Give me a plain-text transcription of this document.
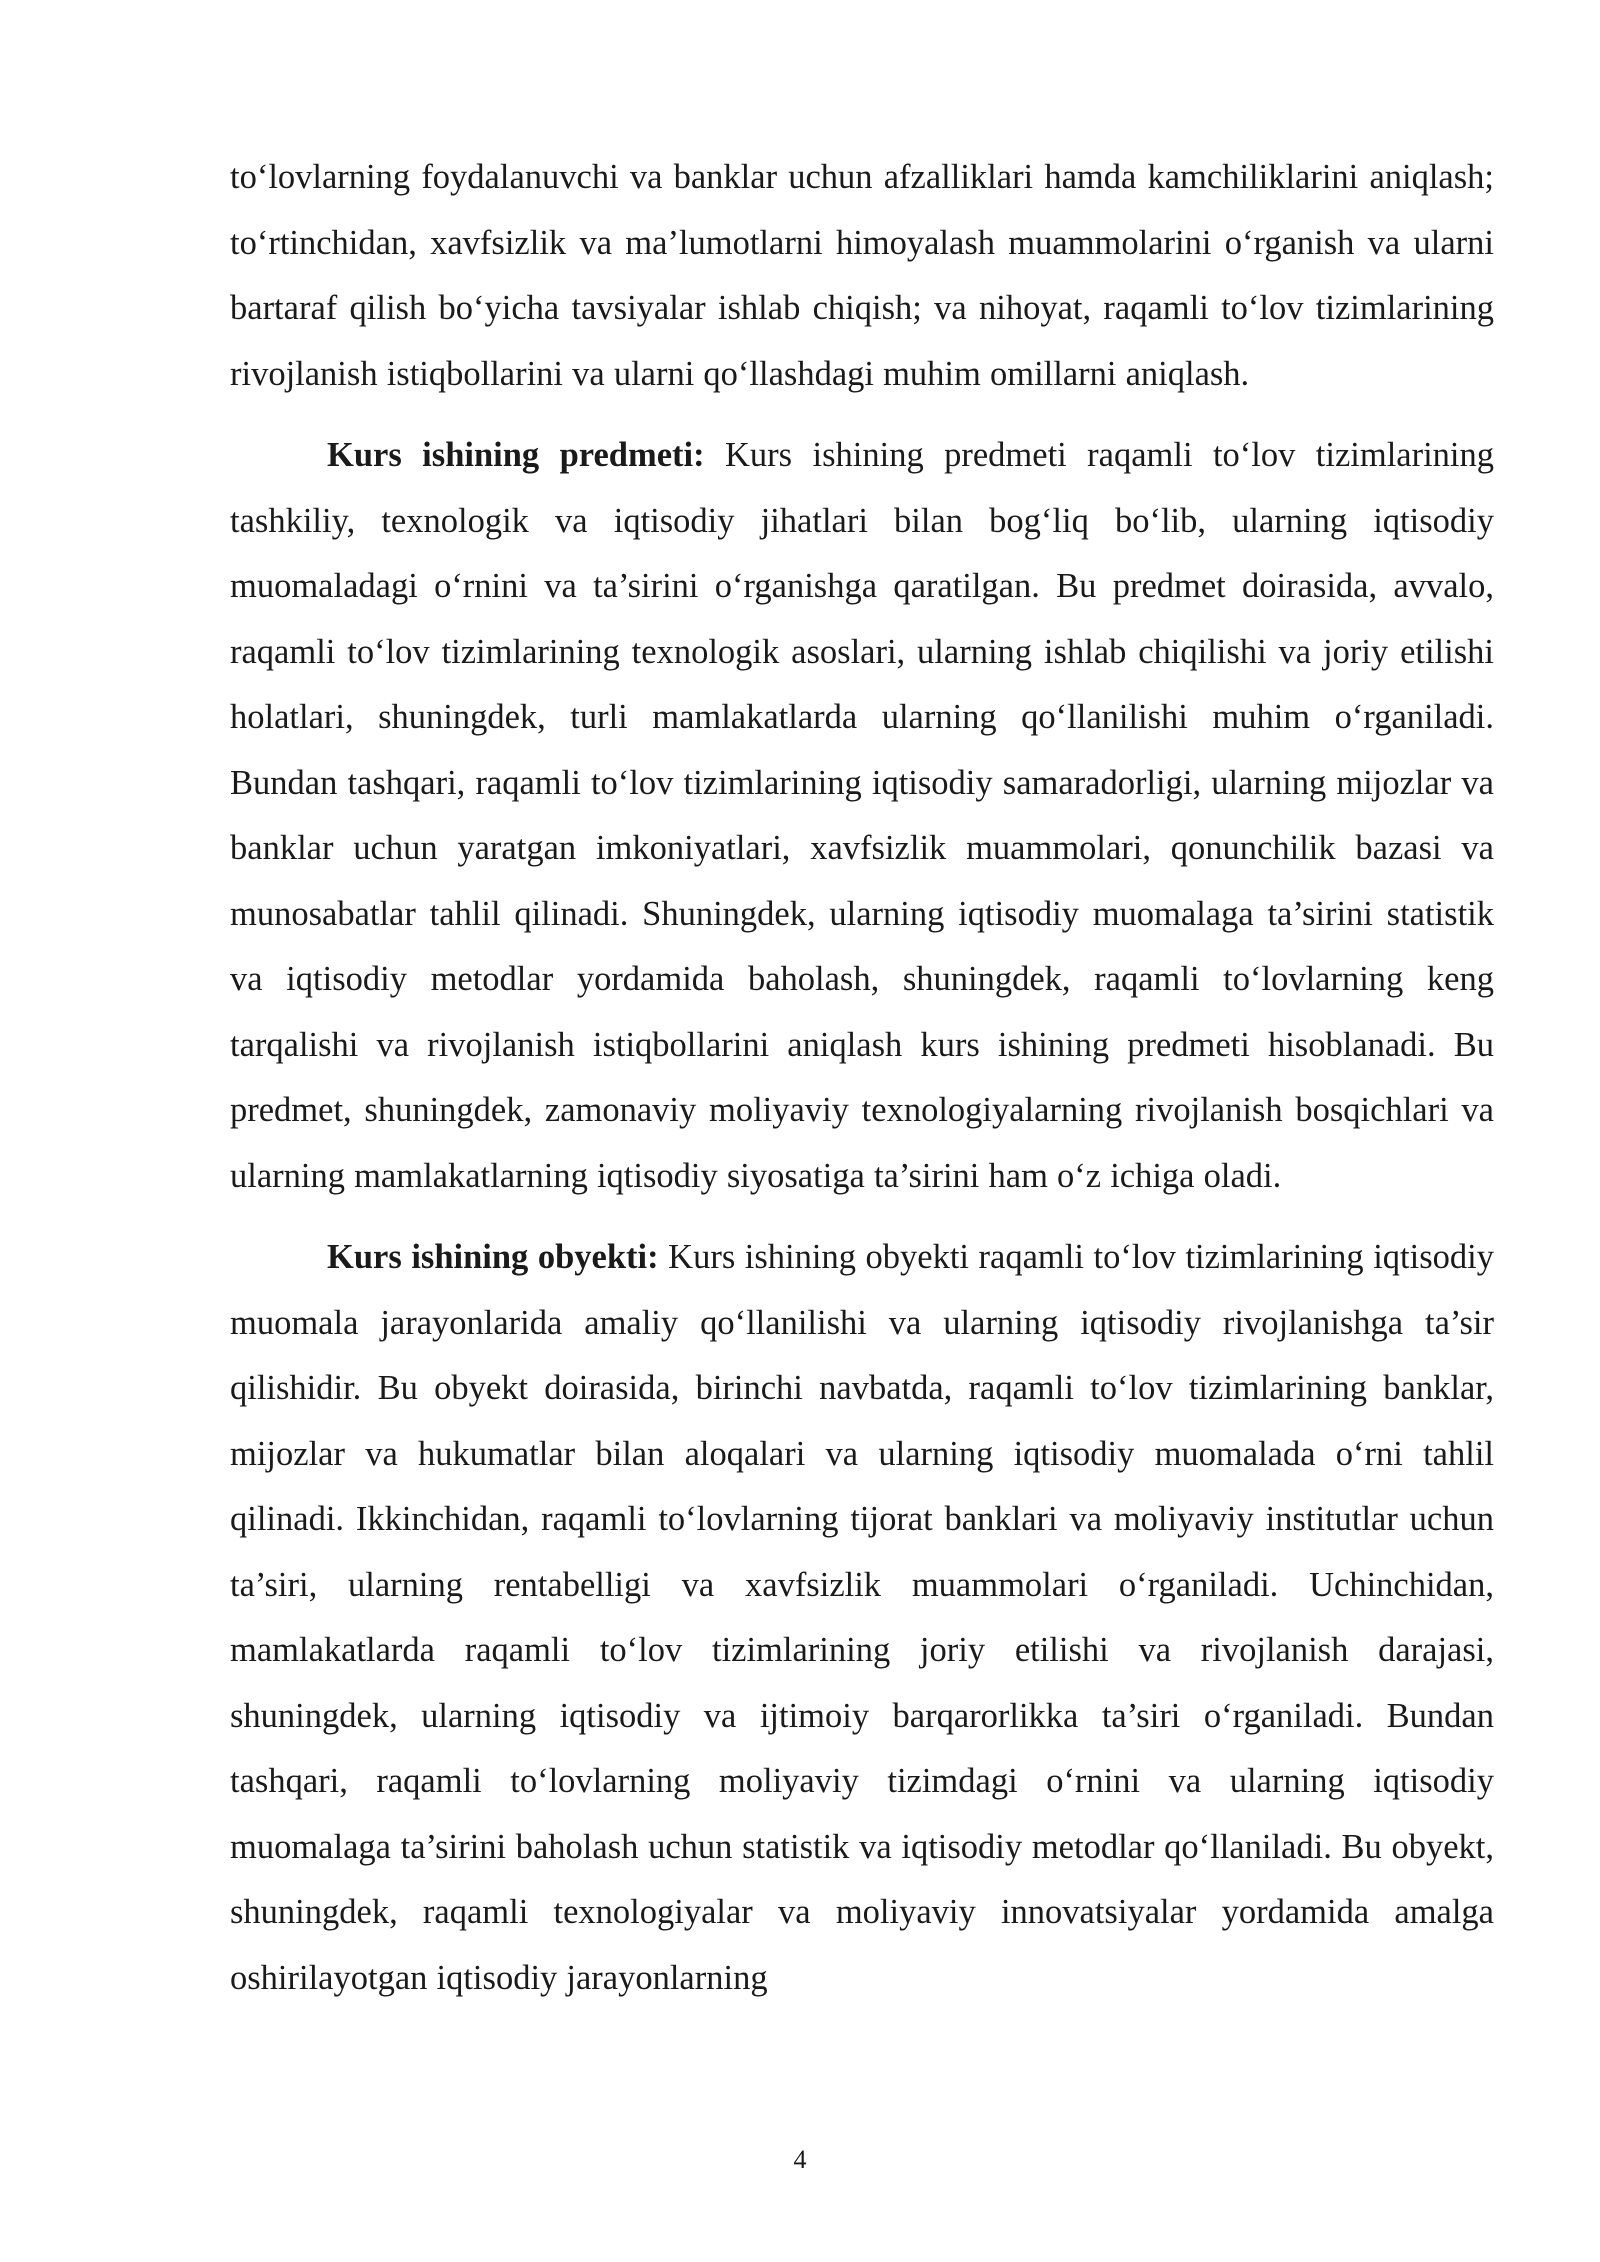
to‘lovlarning foydalanuvchi va banklar uchun afzalliklari hamda kamchiliklarini aniqlash; to‘rtinchidan, xavfsizlik va ma’lumotlarni himoyalash muammolarini o‘rganish va ularni bartaraf qilish bo‘yicha tavsiyalar ishlab chiqish; va nihoyat, raqamli to‘lov tizimlarining rivojlanish istiqbollarini va ularni qo‘llashdagi muhim omillarni aniqlash.

Kurs ishining predmeti: Kurs ishining predmeti raqamli to‘lov tizimlarining tashkiliy, texnologik va iqtisodiy jihatlari bilan bog‘liq bo‘lib, ularning iqtisodiy muomaladagi o‘rnini va ta’sirini o‘rganishga qaratilgan. Bu predmet doirasida, avvalo, raqamli to‘lov tizimlarining texnologik asoslari, ularning ishlab chiqilishi va joriy etilishi holatlari, shuningdek, turli mamlakatlarda ularning qo‘llanilishi muhim o‘rganiladi. Bundan tashqari, raqamli to‘lov tizimlarining iqtisodiy samaradorligi, ularning mijozlar va banklar uchun yaratgan imkoniyatlari, xavfsizlik muammolari, qonunchilik bazasi va munosabatlar tahlil qilinadi. Shuningdek, ularning iqtisodiy muomalaga ta’sirini statistik va iqtisodiy metodlar yordamida baholash, shuningdek, raqamli to‘lovlarning keng tarqalishi va rivojlanish istiqbollarini aniqlash kurs ishining predmeti hisoblanadi. Bu predmet, shuningdek, zamonaviy moliyaviy texnologiyalarning rivojlanish bosqichlari va ularning mamlakatlarning iqtisodiy siyosatiga ta’sirini ham o‘z ichiga oladi.

Kurs ishining obyekti: Kurs ishining obyekti raqamli to‘lov tizimlarining iqtisodiy muomala jarayonlarida amaliy qo‘llanilishi va ularning iqtisodiy rivojlanishga ta’sir qilishidir. Bu obyekt doirasida, birinchi navbatda, raqamli to‘lov tizimlarining banklar, mijozlar va hukumatlar bilan aloqalari va ularning iqtisodiy muomalada o‘rni tahlil qilinadi. Ikkinchidan, raqamli to‘lovlarning tijorat banklari va moliyaviy institutlar uchun ta’siri, ularning rentabelligi va xavfsizlik muammolari o‘rganiladi. Uchinchidan, mamlakatlarda raqamli to‘lov tizimlarining joriy etilishi va rivojlanish darajasi, shuningdek, ularning iqtisodiy va ijtimoiy barqarorlikka ta’siri o‘rganiladi. Bundan tashqari, raqamli to‘lovlarning moliyaviy tizimdagi o‘rnini va ularning iqtisodiy muomalaga ta’sirini baholash uchun statistik va iqtisodiy metodlar qo‘llaniladi. Bu obyekt, shuningdek, raqamli texnologiyalar va moliyaviy innovatsiyalar yordamida amalga oshirilayotgan iqtisodiy jarayonlarning

4
